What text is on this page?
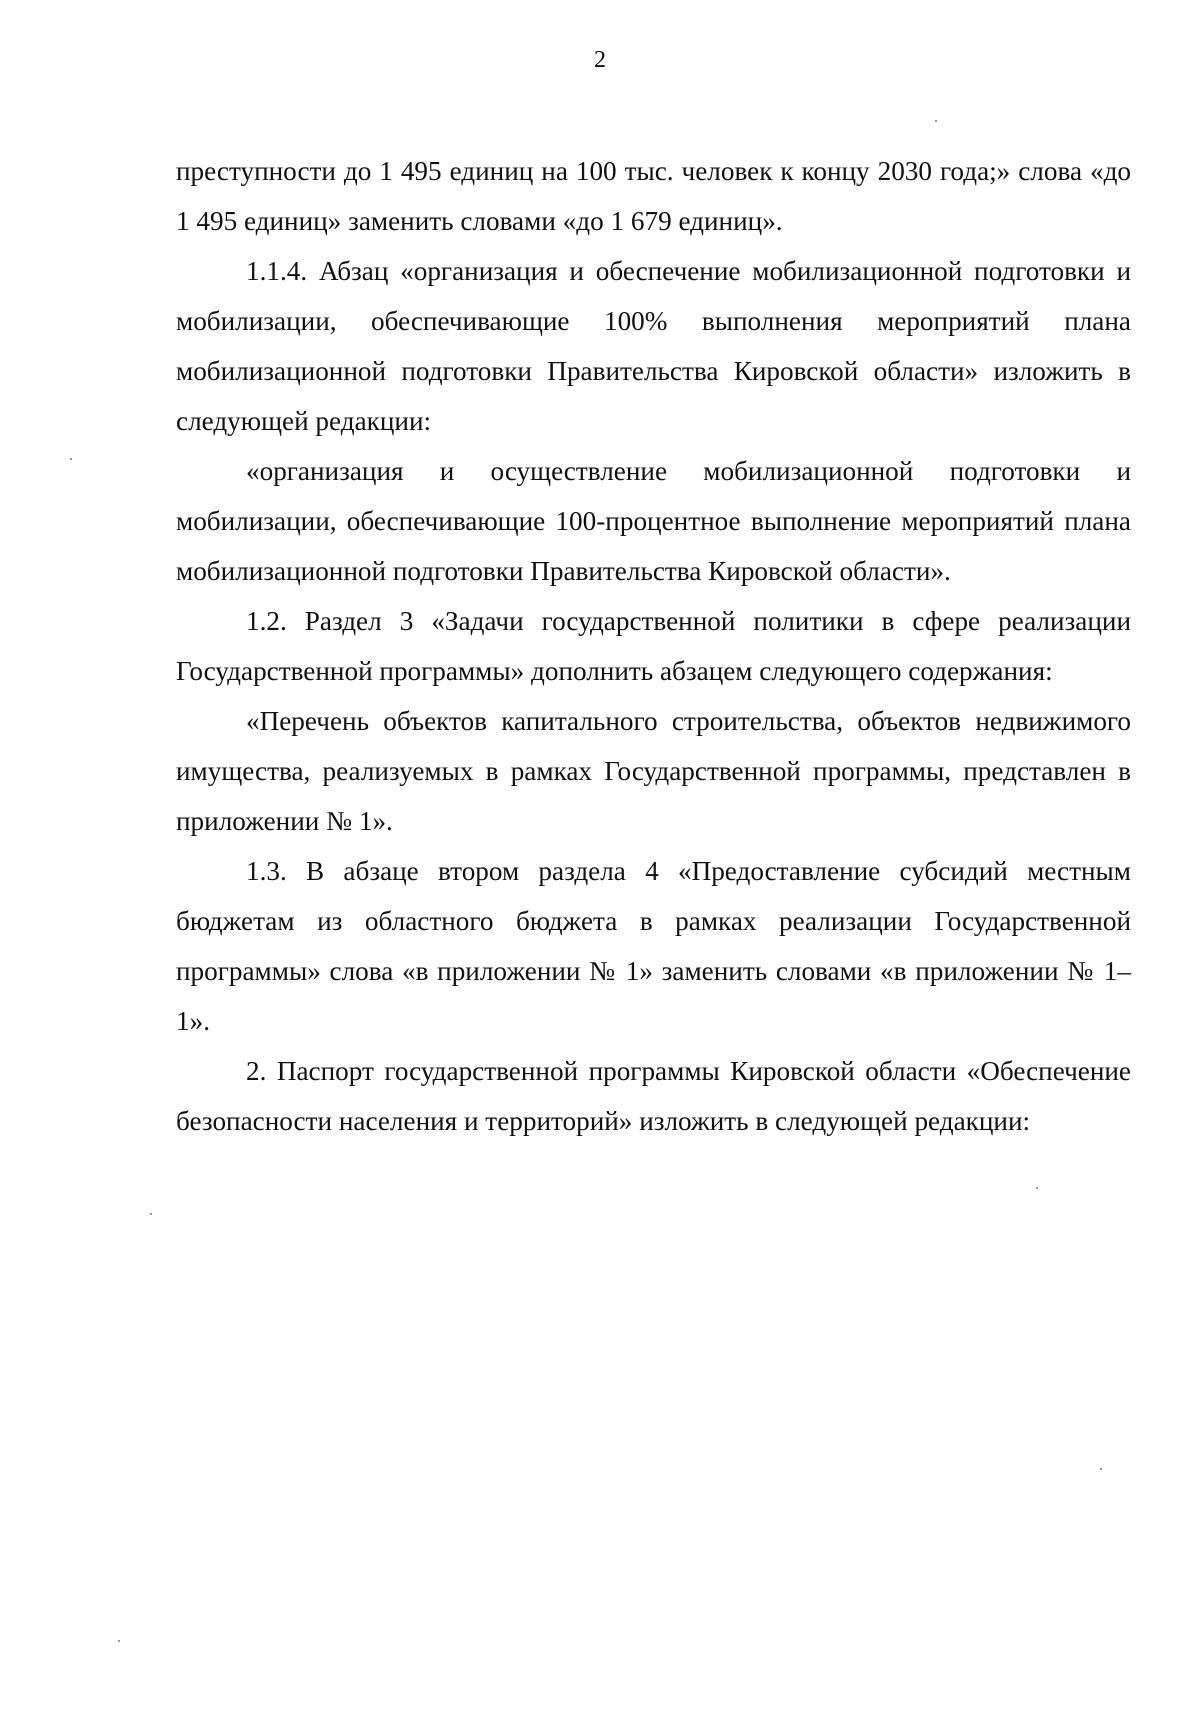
2

преступности до 1 495 единиц на 100 тыс. человек к концу 2030 года;» слова «до 1 495 единиц» заменить словами «до 1 679 единиц».

1.1.4. Абзац «организация и обеспечение мобилизационной подготовки и мобилизации, обеспечивающие 100% выполнения мероприятий плана мобилизационной подготовки Правительства Кировской области» изложить в следующей редакции:

«организация и осуществление мобилизационной подготовки и мобилизации, обеспечивающие 100-процентное выполнение мероприятий плана мобилизационной подготовки Правительства Кировской области».

1.2. Раздел 3 «Задачи государственной политики в сфере реализации Государственной программы» дополнить абзацем следующего содержания:

«Перечень объектов капитального строительства, объектов недвижимого имущества, реализуемых в рамках Государственной программы, представлен в приложении № 1».

1.3. В абзаце втором раздела 4 «Предоставление субсидий местным бюджетам из областного бюджета в рамках реализации Государственной программы» слова «в приложении № 1» заменить словами «в приложении № 1–1».

2. Паспорт государственной программы Кировской области «Обеспечение безопасности населения и территорий» изложить в следующей редакции:
